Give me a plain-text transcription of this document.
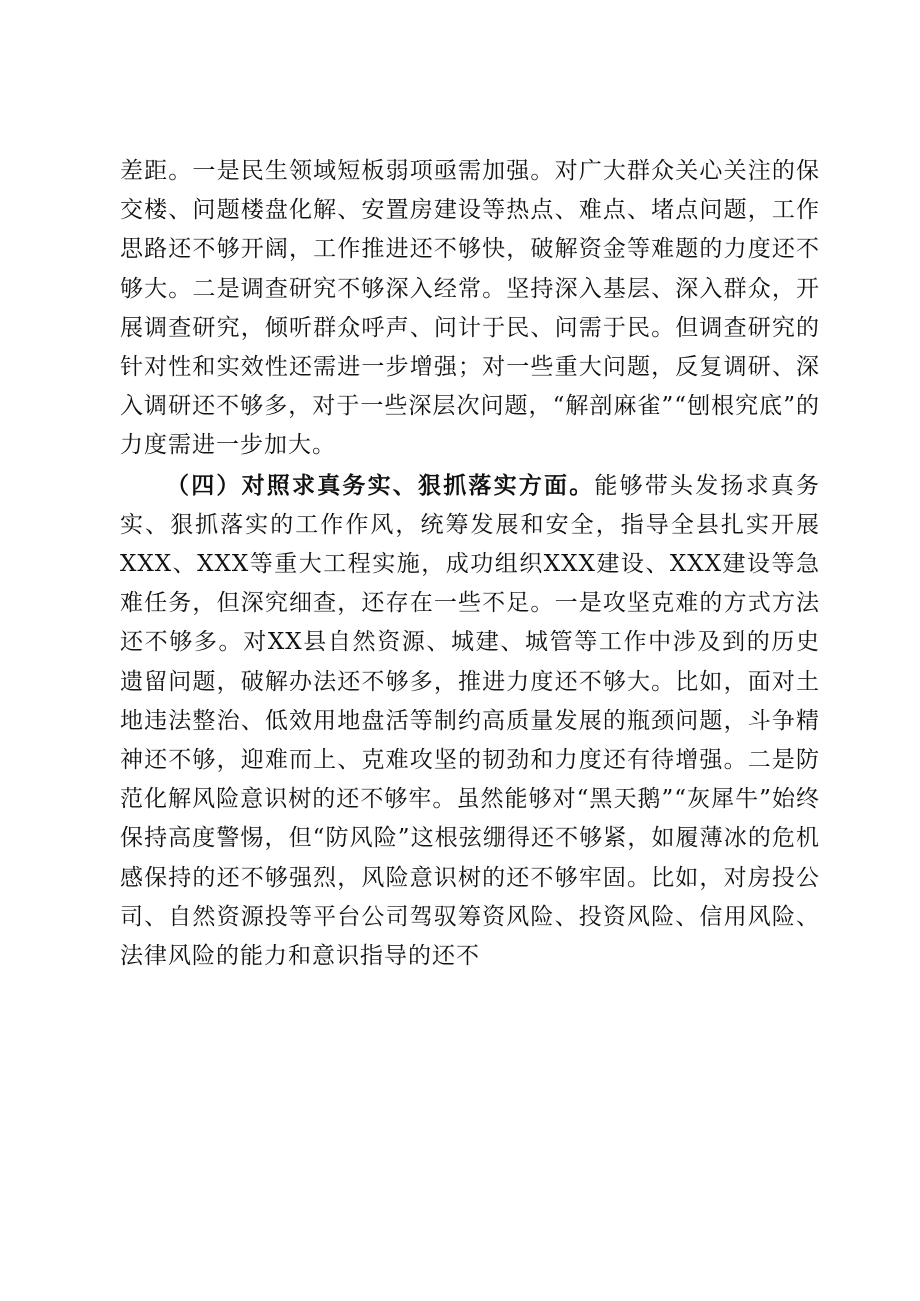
差距。一是民生领域短板弱项亟需加强。对广大群众关心关注的保交楼、问题楼盘化解、安置房建设等热点、难点、堵点问题，工作思路还不够开阔，工作推进还不够快，破解资金等难题的力度还不够大。二是调查研究不够深入经常。坚持深入基层、深入群众，开展调查研究，倾听群众呼声、问计于民、问需于民。但调查研究的针对性和实效性还需进一步增强；对一些重大问题，反复调研、深入调研还不够多，对于一些深层次问题，“解剖麻雀”“刨根究底”的力度需进一步加大。

（四）对照求真务实、狠抓落实方面。能够带头发扬求真务实、狠抓落实的工作作风，统筹发展和安全，指导全县扎实开展XXX、XXX等重大工程实施，成功组织XXX建设、XXX建设等急难任务，但深究细查，还存在一些不足。一是攻坚克难的方式方法还不够多。对XX县自然资源、城建、城管等工作中涉及到的历史遗留问题，破解办法还不够多，推进力度还不够大。比如，面对土地违法整治、低效用地盘活等制约高质量发展的瓶颈问题，斗争精神还不够，迎难而上、克难攻坚的韧劲和力度还有待增强。二是防范化解风险意识树的还不够牢。虽然能够对“黑天鹅”“灰犀牛”始终保持高度警惕，但“防风险”这根弦绷得还不够紧，如履薄冰的危机感保持的还不够强烈，风险意识树的还不够牢固。比如，对房投公司、自然资源投等平台公司驾驭筹资风险、投资风险、信用风险、法律风险的能力和意识指导的还不
